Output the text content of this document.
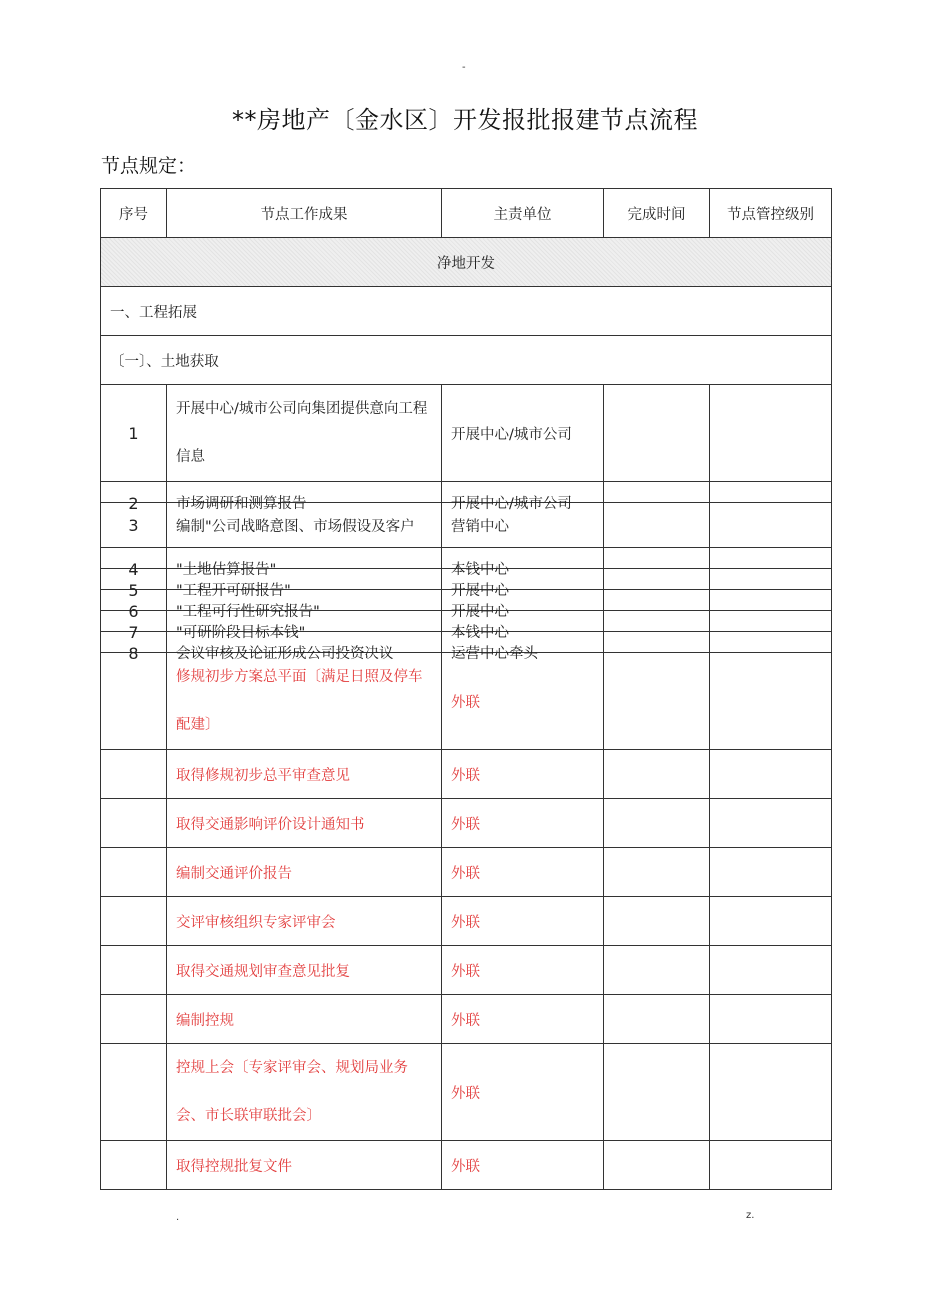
-
**房地产〔金水区〕开发报批报建节点流程
节点规定：
序号	节点工作成果	主责单位	完成时间	节点管控级别
净地开发				
一、工程拓展				
〔一〕、土地获取				
1	开展中心/城市公司向集团提供意向工程信息	开展中心/城市公司		

2	市场调研和测算报告	开展中心/城市公司		

3	编制"公司战略意图、市场假设及客户	营销中心		

4	"土地估算报告"	本钱中心		

5	"工程开可研报告"	开展中心		

6	"工程可行性研究报告"	开展中心		

7	"可研阶段目标本钱"	本钱中心		

8	会议审核及论证形成公司投资决议	运营中心牵头		

	修规初步方案总平面〔满足日照及停车配建〕	外联		
	取得修规初步总平审查意见	外联		
	取得交通影响评价设计通知书	外联		
	编制交通评价报告	外联		
	交评审核组织专家评审会	外联		
	取得交通规划审查意见批复	外联		
	编制控规	外联		
	控规上会〔专家评审会、规划局业务会、市长联审联批会〕	外联		
	取得控规批复文件	外联		
.	z.
